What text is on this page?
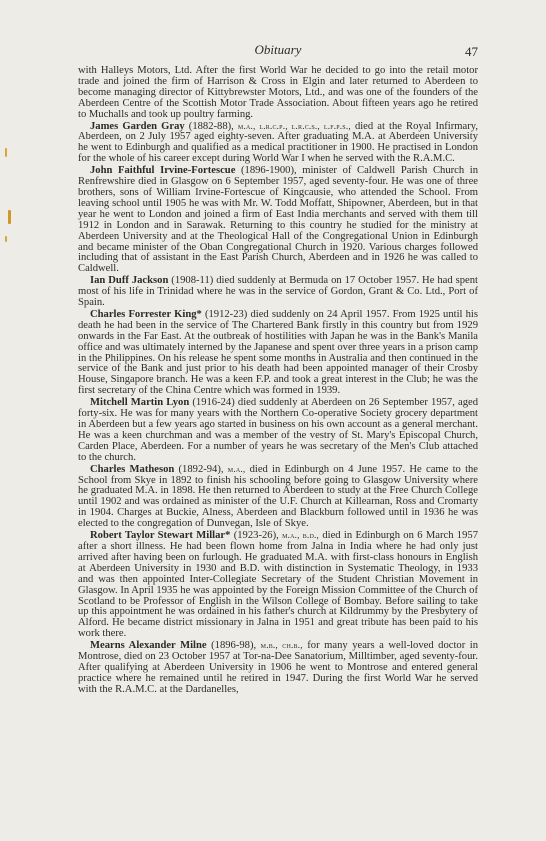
Obituary	47

with Halleys Motors, Ltd. After the first World War he decided to go into the retail motor trade and joined the firm of Harrison & Cross in Elgin and later returned to Aberdeen to become managing director of Kittybrewster Motors, Ltd., and was one of the founders of the Aberdeen Centre of the Scottish Motor Trade Association. About fifteen years ago he retired to Muchalls and took up poultry farming.

James Garden Gray (1882-88), m.a., l.r.c.p., l.r.c.s., l.f.p.s., died at the Royal Infirmary, Aberdeen, on 2 July 1957 aged eighty-seven. After graduating M.A. at Aberdeen University he went to Edinburgh and qualified as a medical practitioner in 1900. He practised in London for the whole of his career except during World War I when he served with the R.A.M.C.

John Faithful Irvine-Fortescue (1896-1900), minister of Caldwell Parish Church in Renfrewshire died in Glasgow on 6 September 1957, aged seventy-four. He was one of three brothers, sons of William Irvine-Fortescue of Kingcausie, who attended the School. From leaving school until 1905 he was with Mr. W. Todd Moffatt, Shipowner, Aberdeen, but in that year he went to London and joined a firm of East India merchants and served with them till 1912 in London and in Sarawak. Returning to this country he studied for the ministry at Aberdeen University and at the Theological Hall of the Congregational Union in Edinburgh and became minister of the Oban Congregational Church in 1920. Various charges followed including that of assistant in the East Parish Church, Aberdeen and in 1926 he was called to Caldwell.

Ian Duff Jackson (1908-11) died suddenly at Bermuda on 17 October 1957. He had spent most of his life in Trinidad where he was in the service of Gordon, Grant & Co. Ltd., Port of Spain.

Charles Forrester King* (1912-23) died suddenly on 24 April 1957. From 1925 until his death he had been in the service of The Chartered Bank firstly in this country but from 1929 onwards in the Far East. At the outbreak of hostilities with Japan he was in the Bank's Manila office and was ultimately interned by the Japanese and spent over three years in a prison camp in the Philippines. On his release he spent some months in Australia and then continued in the service of the Bank and just prior to his death had been appointed manager of their Crosby House, Singapore branch. He was a keen F.P. and took a great interest in the Club; he was the first secretary of the China Centre which was formed in 1939.

Mitchell Martin Lyon (1916-24) died suddenly at Aberdeen on 26 September 1957, aged forty-six. He was for many years with the Northern Co-operative Society grocery department in Aberdeen but a few years ago started in business on his own account as a general merchant. He was a keen churchman and was a member of the vestry of St. Mary's Episcopal Church, Carden Place, Aberdeen. For a number of years he was secretary of the Men's Club attached to the church.

Charles Matheson (1892-94), m.a., died in Edinburgh on 4 June 1957. He came to the School from Skye in 1892 to finish his schooling before going to Glasgow University where he graduated M.A. in 1898. He then returned to Aberdeen to study at the Free Church College until 1902 and was ordained as minister of the U.F. Church at Killearnan, Ross and Cromarty in 1904. Charges at Buckie, Alness, Aberdeen and Blackburn followed until in 1936 he was elected to the congregation of Dunvegan, Isle of Skye.

Robert Taylor Stewart Millar* (1923-26), m.a., b.d., died in Edinburgh on 6 March 1957 after a short illness. He had been flown home from Jalna in India where he had only just arrived after having been on furlough. He graduated M.A. with first-class honours in English at Aberdeen University in 1930 and B.D. with distinction in Systematic Theology, in 1933 and was then appointed Inter-Collegiate Secretary of the Student Christian Movement in Glasgow. In April 1935 he was appointed by the Foreign Mission Committee of the Church of Scotland to be Professor of English in the Wilson College of Bombay. Before sailing to take up this appointment he was ordained in his father's church at Kildrummy by the Presbytery of Alford. He became district missionary in Jalna in 1951 and great tribute has been paid to his work there.

Mearns Alexander Milne (1896-98), m.b., ch.b., for many years a well-loved doctor in Montrose, died on 23 October 1957 at Tor-na-Dee Sanatorium, Milltimber, aged seventy-four. After qualifying at Aberdeen University in 1906 he went to Montrose and entered general practice where he remained until he retired in 1947. During the first World War he served with the R.A.M.C. at the Dardanelles,
